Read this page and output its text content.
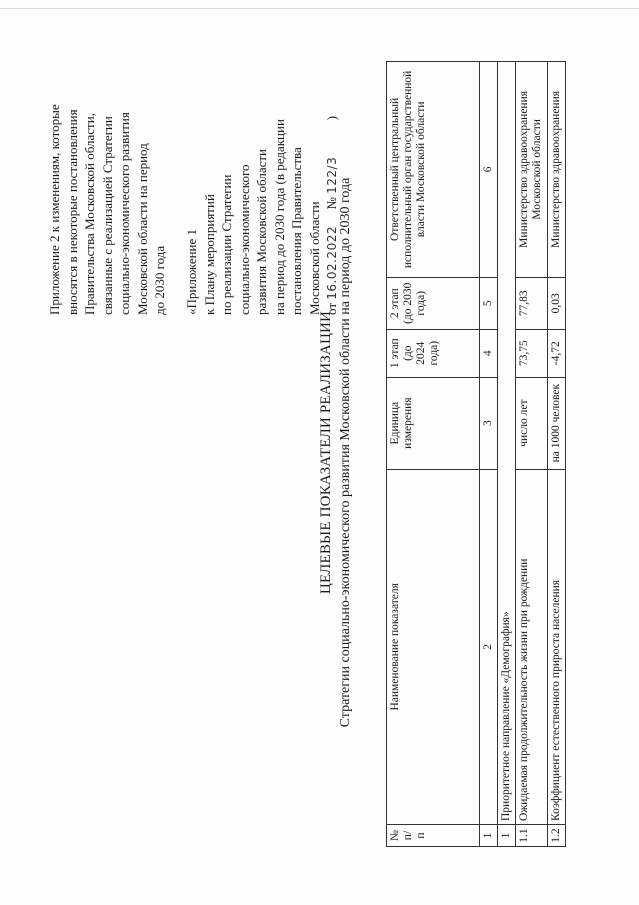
Приложение 2 к изменениям, которые вносятся в некоторые постановления Правительства Московской области, связанные с реализацией Стратегии социально-экономического развития Московской области на период до 2030 года «Приложение 1 к Плану мероприятий по реализации Стратегии социально-экономического развития Московской области на период до 2030 года (в редакции постановления Правительства Московской области от 16.02.2022  № 122/3  )

ЦЕЛЕВЫЕ ПОКАЗАТЕЛИ РЕАЛИЗАЦИИ Стратегии социально-экономического развития Московской области на период до 2030 года
№ п/п	Наименование показателя	Единица измерения	1 этап (до 2024 года)	2 этап (до 2030 года)	Ответственный центральный исполнительный орган государственной власти Московской области
1	2	3	4	5	6
1	Приоритетное направление «Демография»				
1.1	Ожидаемая продолжительность жизни при рождении	число лет	73,75	77,83	Министерство здравоохранения Московской области
1.2	Коэффициент естественного прироста населения	на 1000 человек	-4,72	0,03	Министерство здравоохранения
